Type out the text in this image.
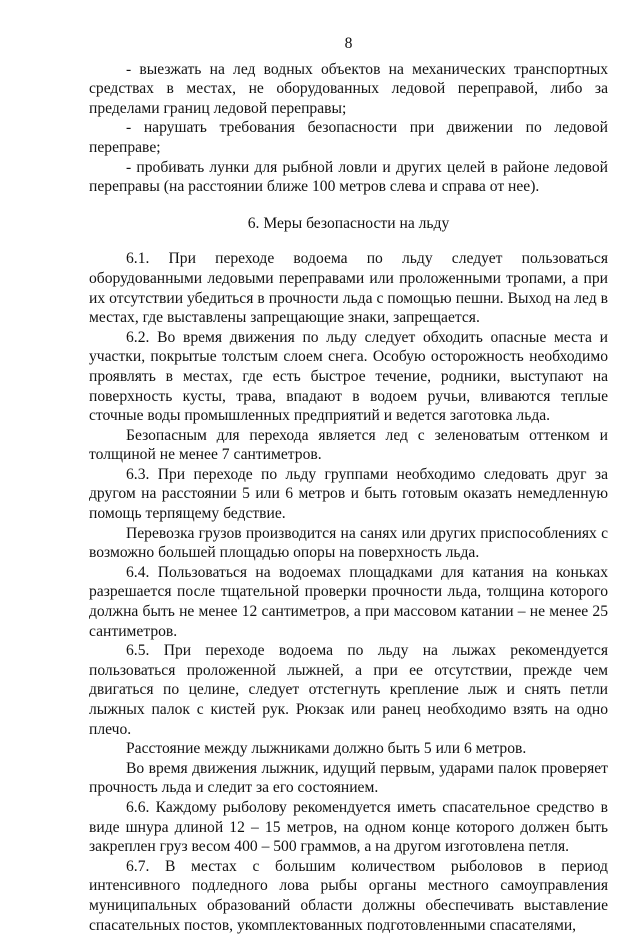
8

- выезжать на лед водных объектов на механических транспортных средствах в местах, не оборудованных ледовой переправой, либо за пределами границ ледовой переправы;

- нарушать требования безопасности при движении по ледовой переправе;

- пробивать лунки для рыбной ловли и других целей в районе ледовой переправы (на расстоянии ближе 100 метров слева и справа от нее).

6. Меры безопасности на льду

6.1. При переходе водоема по льду следует пользоваться оборудованными ледовыми переправами или проложенными тропами, а при их отсутствии убедиться в прочности льда с помощью пешни. Выход на лед в местах, где выставлены запрещающие знаки, запрещается.

6.2. Во время движения по льду следует обходить опасные места и участки, покрытые толстым слоем снега. Особую осторожность необходимо проявлять в местах, где есть быстрое течение, родники, выступают на поверхность кусты, трава, впадают в водоем ручьи, вливаются теплые сточные воды промышленных предприятий и ведется заготовка льда.

Безопасным для перехода является лед с зеленоватым оттенком и толщиной не менее 7 сантиметров.

6.3. При переходе по льду группами необходимо следовать друг за другом на расстоянии 5 или 6 метров и быть готовым оказать немедленную помощь терпящему бедствие.

Перевозка грузов производится на санях или других приспособлениях с возможно большей площадью опоры на поверхность льда.

6.4. Пользоваться на водоемах площадками для катания на коньках разрешается после тщательной проверки прочности льда, толщина которого должна быть не менее 12 сантиметров, а при массовом катании – не менее 25 сантиметров.

6.5. При переходе водоема по льду на лыжах рекомендуется пользоваться проложенной лыжней, а при ее отсутствии, прежде чем двигаться по целине, следует отстегнуть крепление лыж и снять петли лыжных палок с кистей рук. Рюкзак или ранец необходимо взять на одно плечо.

Расстояние между лыжниками должно быть 5 или 6 метров.

Во время движения лыжник, идущий первым, ударами палок проверяет прочность льда и следит за его состоянием.

6.6. Каждому рыболову рекомендуется иметь спасательное средство в виде шнура длиной 12 – 15 метров, на одном конце которого должен быть закреплен груз весом 400 – 500 граммов, а на другом изготовлена петля.

6.7. В местах с большим количеством рыболовов в период интенсивного подледного лова рыбы органы местного самоуправления муниципальных образований области должны обеспечивать выставление спасательных постов, укомплектованных подготовленными спасателями,
